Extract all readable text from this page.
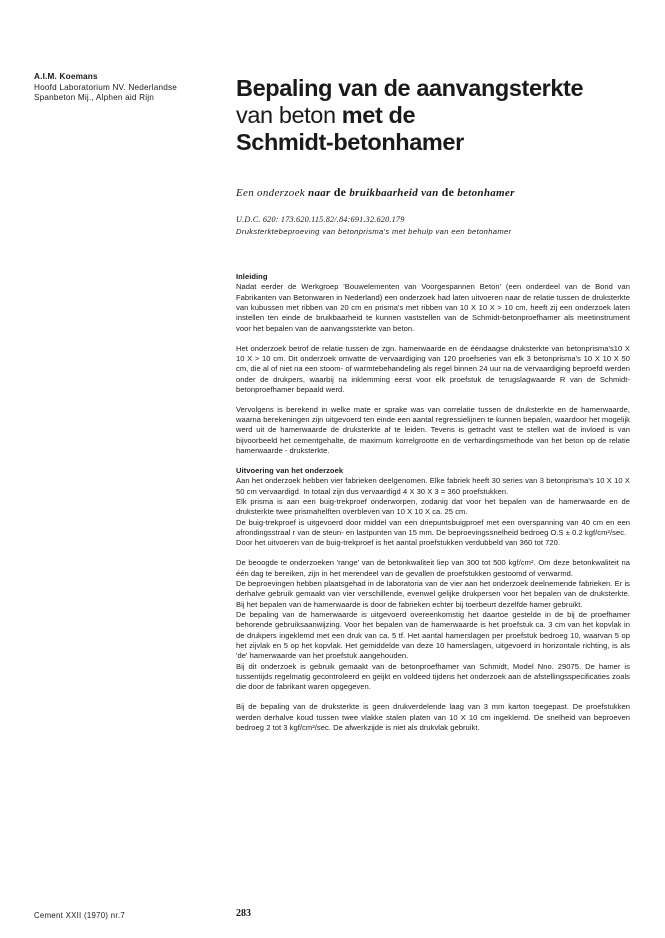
A.I.M. Koemans
Hoofd Laboratorium NV. Nederlandse
Spanbeton Mij., Alphen aid Rijn	Bepaling van de aanvangsterkte
van beton met de
Schmidt-betonhamer
Een onderzoek naar de bruikbaarheid van de betonhamer
U.D.C. 620: 173.620.115.82/.84:691.32.620.179
Druksterktebeproeving van betonprisma's met behulp van een betonhamer
Inleiding

Nadat eerder de Werkgroep 'Bouwelementen van Voorgespannen Beton' (een onderdeel van de Bond van Fabrikanten van Betonwaren in Nederland) een onderzoek had laten uitvoeren naar de relatie tussen de druksterkte van kubussen met ribben van 20 cm en prisma's met ribben van 10 X 10 X > 10 cm, heeft zij een onderzoek laten instellen ten einde de bruikbaarheid te kunnen vaststellen van de Schmidt-betonproefhamer als meetinstrument voor het bepalen van de aanvangssterkte van beton.

Het onderzoek betrof de relatie tussen de zgn. hamerwaarde en de ééndaagse druksterkte van betonprisma's10 X 10 X > 10 cm. Dit onderzoek omvatte de vervaardiging van 120 proefseries van elk 3 betonprisma's 10 X 10 X 50 cm, die al of niet na een stoom- of warmtebehandeling als regel binnen 24 uur na de vervaardiging beproefd werden onder de drukpers, waarbij na inklemming eerst voor elk proefstuk de terugslagwaarde R van de Schmidt-betonproefhamer bepaald werd.

Vervolgens is berekend in welke mate er sprake was van correlatie tussen de druksterkte en de hamerwaarde, waarna berekeningen zijn uitgevoerd ten einde een aantal regressielijnen te kunnen bepalen, waardoor het mogelijk werd uit de hamerwaarde de druksterkte af te leiden. Tevens is getracht vast te stellen wat de invloed is van bijvoorbeeld het cementgehalte, de maximum korrelgrootte en de verhardingsmethode van het beton op de relatie hamerwaarde - druksterkte.

Uitvoering van het onderzoek

Aan het onderzoek hebben vier fabrieken deelgenomen. Elke fabriek heeft 30 series van 3 betonprisma's 10 X 10 X 50 cm vervaardigd. In totaal zijn dus vervaardigd 4 X 30 X 3 = 360 proefstukken.

Elk prisma is aan een buig-trekproef onderworpen, zodanig dat voor het bepalen van de hamerwaarde en de druksterkte twee prismahelften overbleven van 10 X 10 X ca. 25 cm.

De buig-trekproef is uitgevoerd door middel van een driepuntsbuigproef met een overspanning van 40 cm en een afrondingsstraal r van de steun- en lastpunten van 15 mm. De beproevingssnelheid bedroeg O.S ± 0.2 kgf/cm²/sec.

Door het uitvoeren van de buig-trekproef is het aantal proefstukken verdubbeld van 360 tot 720.

De beoogde te onderzoeken 'range' van de betonkwaliteit liep van 300 tot 500 kgf/cm². Om deze betonkwaliteit na één dag te bereiken, zijn in het merendeel van de gevallen de proefstukken gestoomd of verwarmd.

De beproevingen hebben plaatsgehad in de laboratoria van de vier aan het onderzoek deelnemende fabrieken. Er is derhalve gebruik gemaakt van vier verschillende, evenwel gelijke drukpersen voor het bepalen van de druksterkte. Bij het bepalen van de hamerwaarde is door de fabrieken echter bij toerbeurt dezelfde hamer gebruikt.

De bepaling van de hamerwaarde is uitgevoerd overeenkomstig het daartoe gestelde in de bij de proefhamer behorende gebruiksaanwijzing. Voor het bepalen van de hamerwaarde is het proefstuk ca. 3 cm van het kopvlak in de drukpers ingeklemd met een druk van ca. 5 tf. Het aantal hamerslagen per proefstuk bedroeg 10, waarvan 5 op het zijvlak en 5 op het kopvlak. Het gemiddelde van deze 10 hamerslagen, uitgevoerd in horizontale richting, is als 'de' hamerwaarde van het proefstuk aangehouden.

Bij dit onderzoek is gebruik gemaakt van de betonproefhamer van Schmidt, Model Nno. 29075. De hamer is tussentijds regelmatig gecontroleerd en geijkt en voldeed tijdens het onderzoek aan de afstellingsspecificaties zoals die door de fabrikant waren opgegeven.

Bij de bepaling van de druksterkte is geen drukverdelende laag van 3 mm karton toegepast. De proefstukken werden derhalve koud tussen twee vlakke stalen platen van 10 X 10 cm ingeklemd. De snelheid van beproeven bedroeg 2 tot 3 kgf/cm²/sec. De afwerkzijde is niet als drukvlak gebruikt.

Cement XXII (1970) nr.7	283
